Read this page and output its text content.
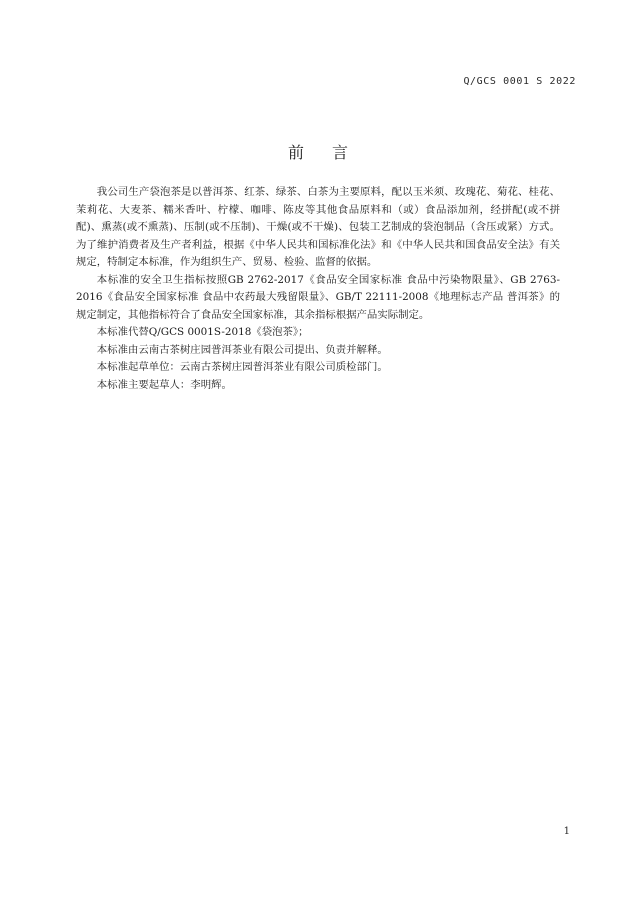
Q/GCS 0001 S 2022
前言

我公司生产袋泡茶是以普洱茶、红茶、绿茶、白茶为主要原料，配以玉米须、玫瑰花、菊花、桂花、茉莉花、大麦茶、糯米香叶、柠檬、咖啡、陈皮等其他食品原料和（或）食品添加剂，经拼配(或不拼配)、熏蒸(或不熏蒸)、压制(或不压制)、干燥(或不干燥)、包装工艺制成的袋泡制品（含压或紧）方式。为了维护消费者及生产者利益，根据《中华人民共和国标准化法》和《中华人民共和国食品安全法》有关规定，特制定本标准，作为组织生产、贸易、检验、监督的依据。

本标准的安全卫生指标按照GB 2762-2017《食品安全国家标准 食品中污染物限量》、GB 2763-2016《食品安全国家标准 食品中农药最大残留限量》、GB/T 22111-2008《地理标志产品 普洱茶》的规定制定，其他指标符合了食品安全国家标准，其余指标根据产品实际制定。

本标准代替Q/GCS 0001S-2018《袋泡茶》；

本标准由云南古茶树庄园普洱茶业有限公司提出、负责并解释。

本标准起草单位：云南古茶树庄园普洱茶业有限公司质检部门。

本标准主要起草人：李明辉。

1
